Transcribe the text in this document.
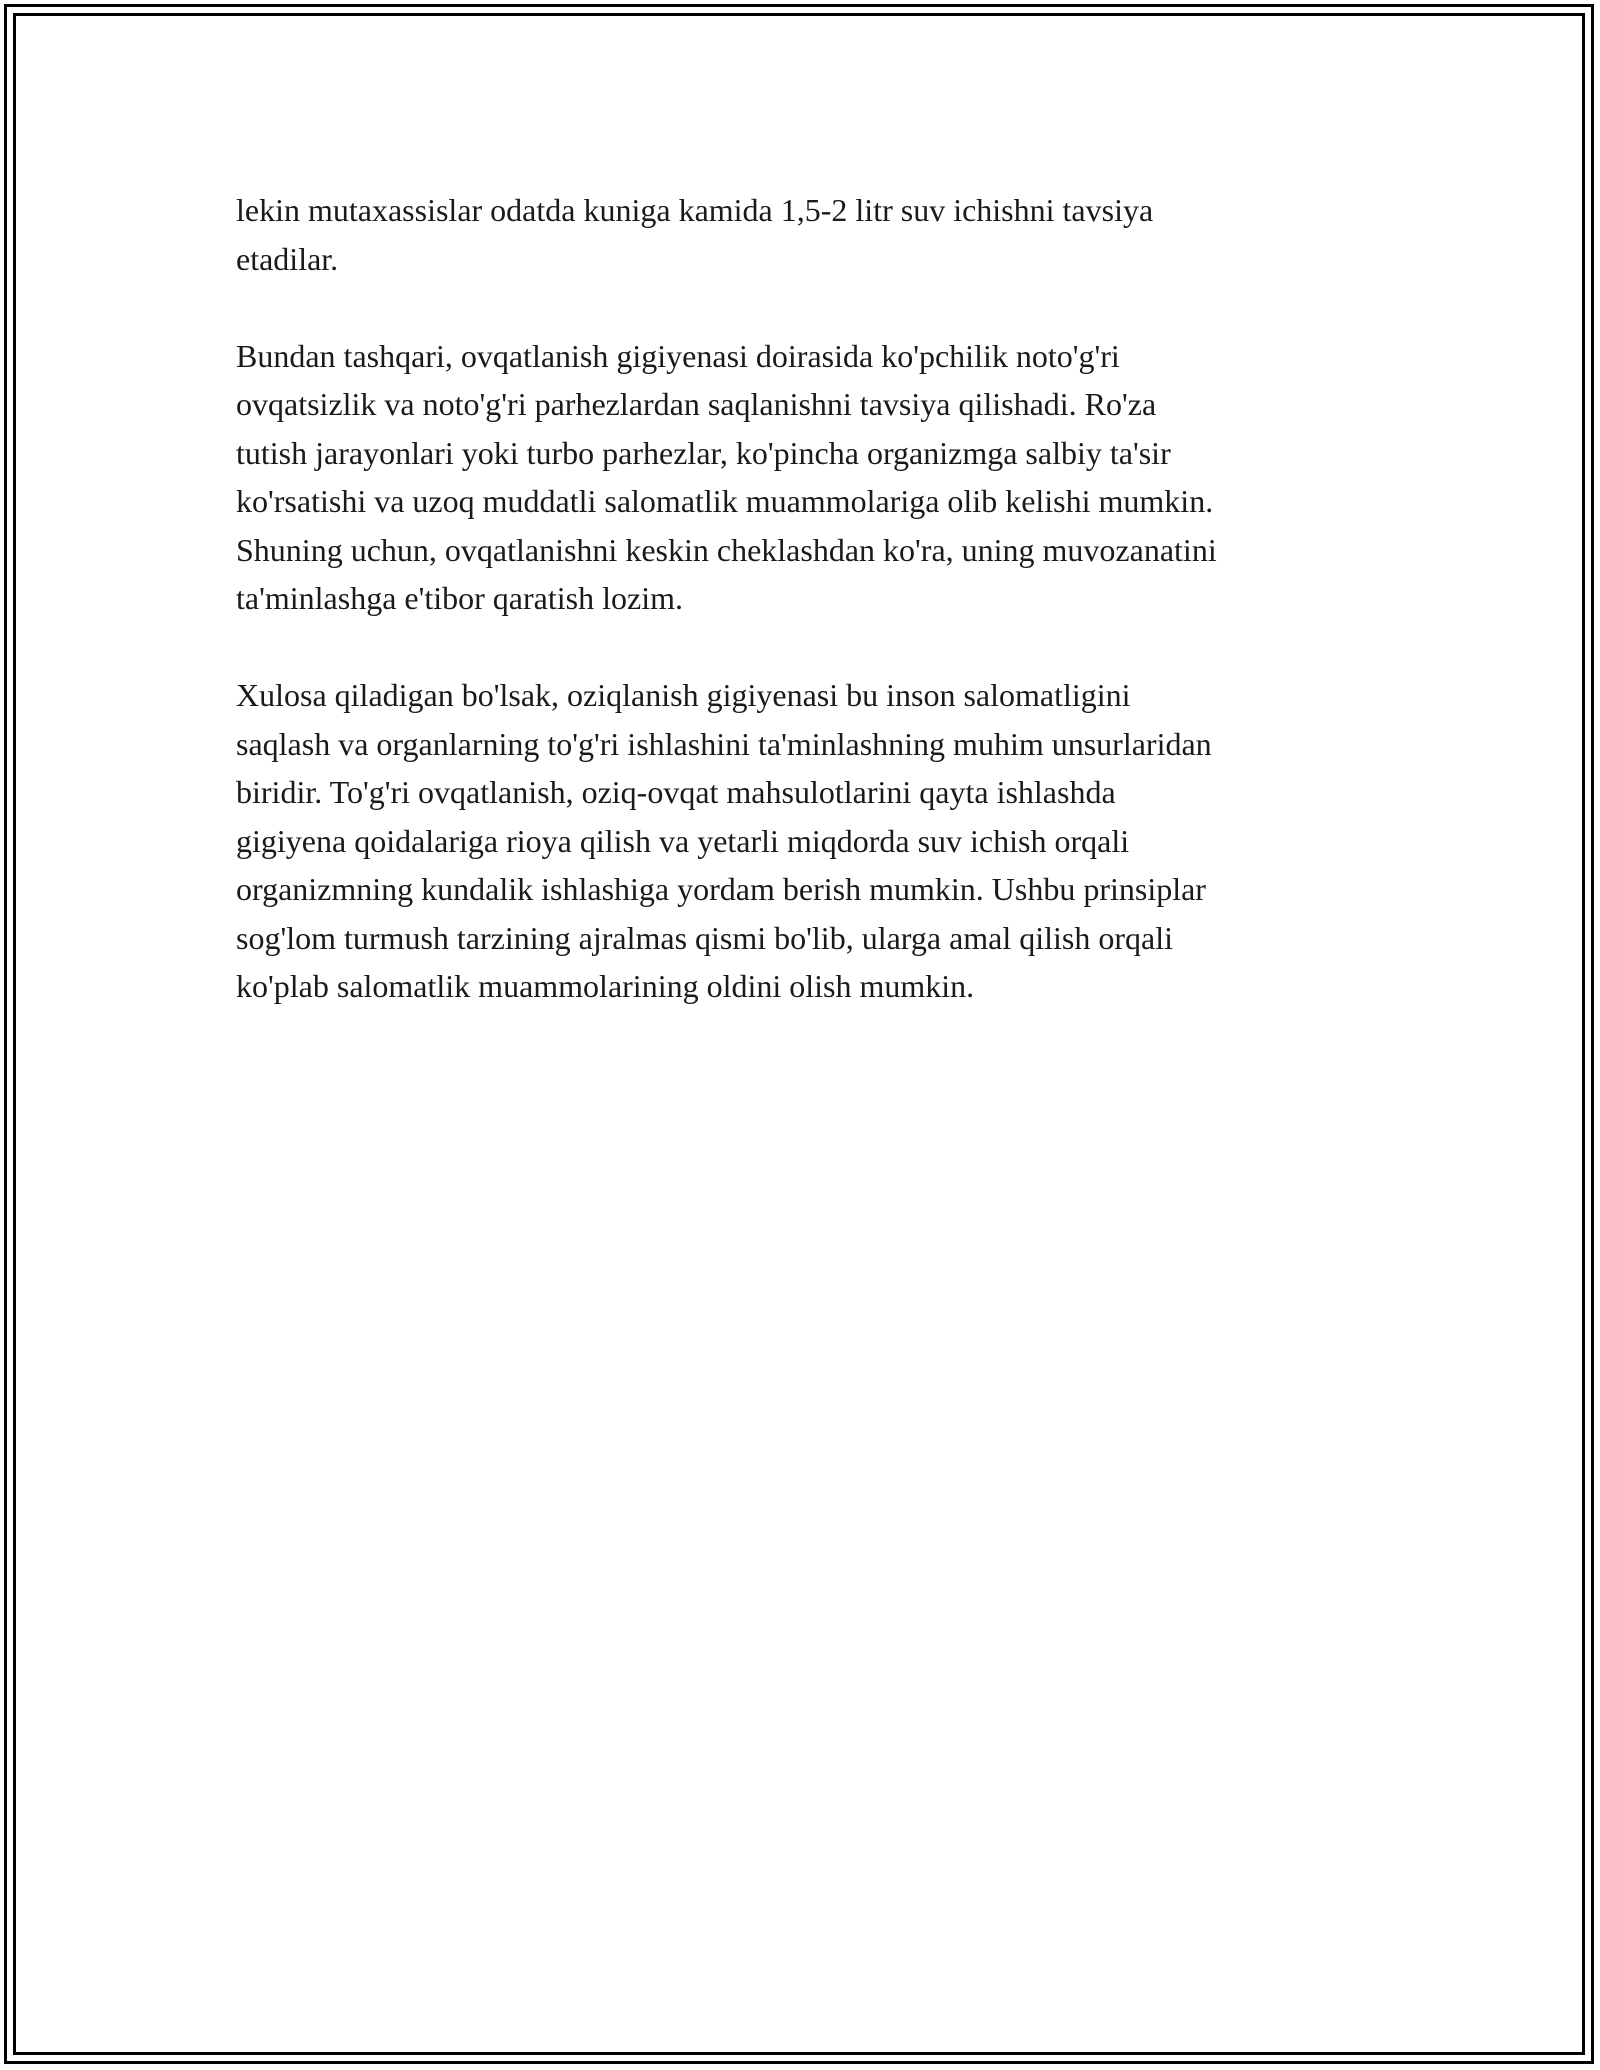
lekin mutaxassislar odatda kuniga kamida 1,5-2 litr suv ichishni tavsiya
etadilar.

Bundan tashqari, ovqatlanish gigiyenasi doirasida ko'pchilik noto'g'ri
ovqatsizlik va noto'g'ri parhezlardan saqlanishni tavsiya qilishadi. Ro'za
tutish jarayonlari yoki turbo parhezlar, ko'pincha organizmga salbiy ta'sir
ko'rsatishi va uzoq muddatli salomatlik muammolariga olib kelishi mumkin.
Shuning uchun, ovqatlanishni keskin cheklashdan ko'ra, uning muvozanatini
ta'minlashga e'tibor qaratish lozim.

Xulosa qiladigan bo'lsak, oziqlanish gigiyenasi bu inson salomatligini
saqlash va organlarning to'g'ri ishlashini ta'minlashning muhim unsurlaridan
biridir. To'g'ri ovqatlanish, oziq-ovqat mahsulotlarini qayta ishlashda
gigiyena qoidalariga rioya qilish va yetarli miqdorda suv ichish orqali
organizmning kundalik ishlashiga yordam berish mumkin. Ushbu prinsiplar
sog'lom turmush tarzining ajralmas qismi bo'lib, ularga amal qilish orqali
ko'plab salomatlik muammolarining oldini olish mumkin.
